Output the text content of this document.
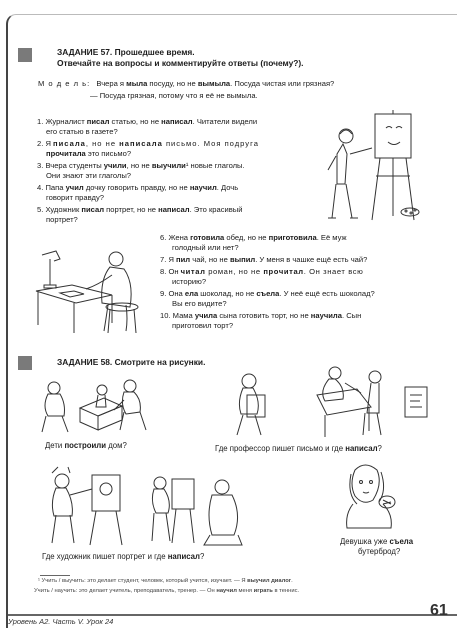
ЗАДАНИЕ 57. Прошедшее время.
Отвечайте на вопросы и комментируйте ответы (почему?).
М о д е л ь: Вчера я мыла посуду, но не вымыла. Посуда чистая или грязная?
— Посуда грязная, потому что я её не вымыла.
1. Журналист писал статью, но не написал. Читатели видели
его статью в газете?
2. Я писала, но не написала письмо. Моя подруга
прочитала это письмо?
3. Вчера студенты учили, но не выучили¹ новые глаголы.
Они знают эти глаголы?
4. Папа учил дочку говорить правду, но не научил. Дочь
говорит правду?
5. Художник писал портрет, но не написал. Это красивый
портрет?
6. Жена готовила обед, но не приготовила. Её муж
голодный или нет?
7. Я пил чай, но не выпил. У меня в чашке ещё есть чай?
8. Он читал роман, но не прочитал. Он знает всю
историю?
9. Она ела шоколад, но не съела. У неё ещё есть шоколад?
Вы его видите?
10. Мама учила сына готовить торт, но не научила. Сын
приготовил торт?
ЗАДАНИЕ 58. Смотрите на рисунки.
Дети построили дом?	Где профессор пишет письмо и где написал?
Где художник пишет портрет и где написал?
Девушка уже съела
бутерброд?
¹ Учить / выучить: это делает студент, человек, который учится, изучает. — Я выучил диалог.
Учить / научить: это делает учитель, преподаватель, тренер. — Он научил меня играть в теннис.
Уровень А2. Часть V. Урок 24
61
